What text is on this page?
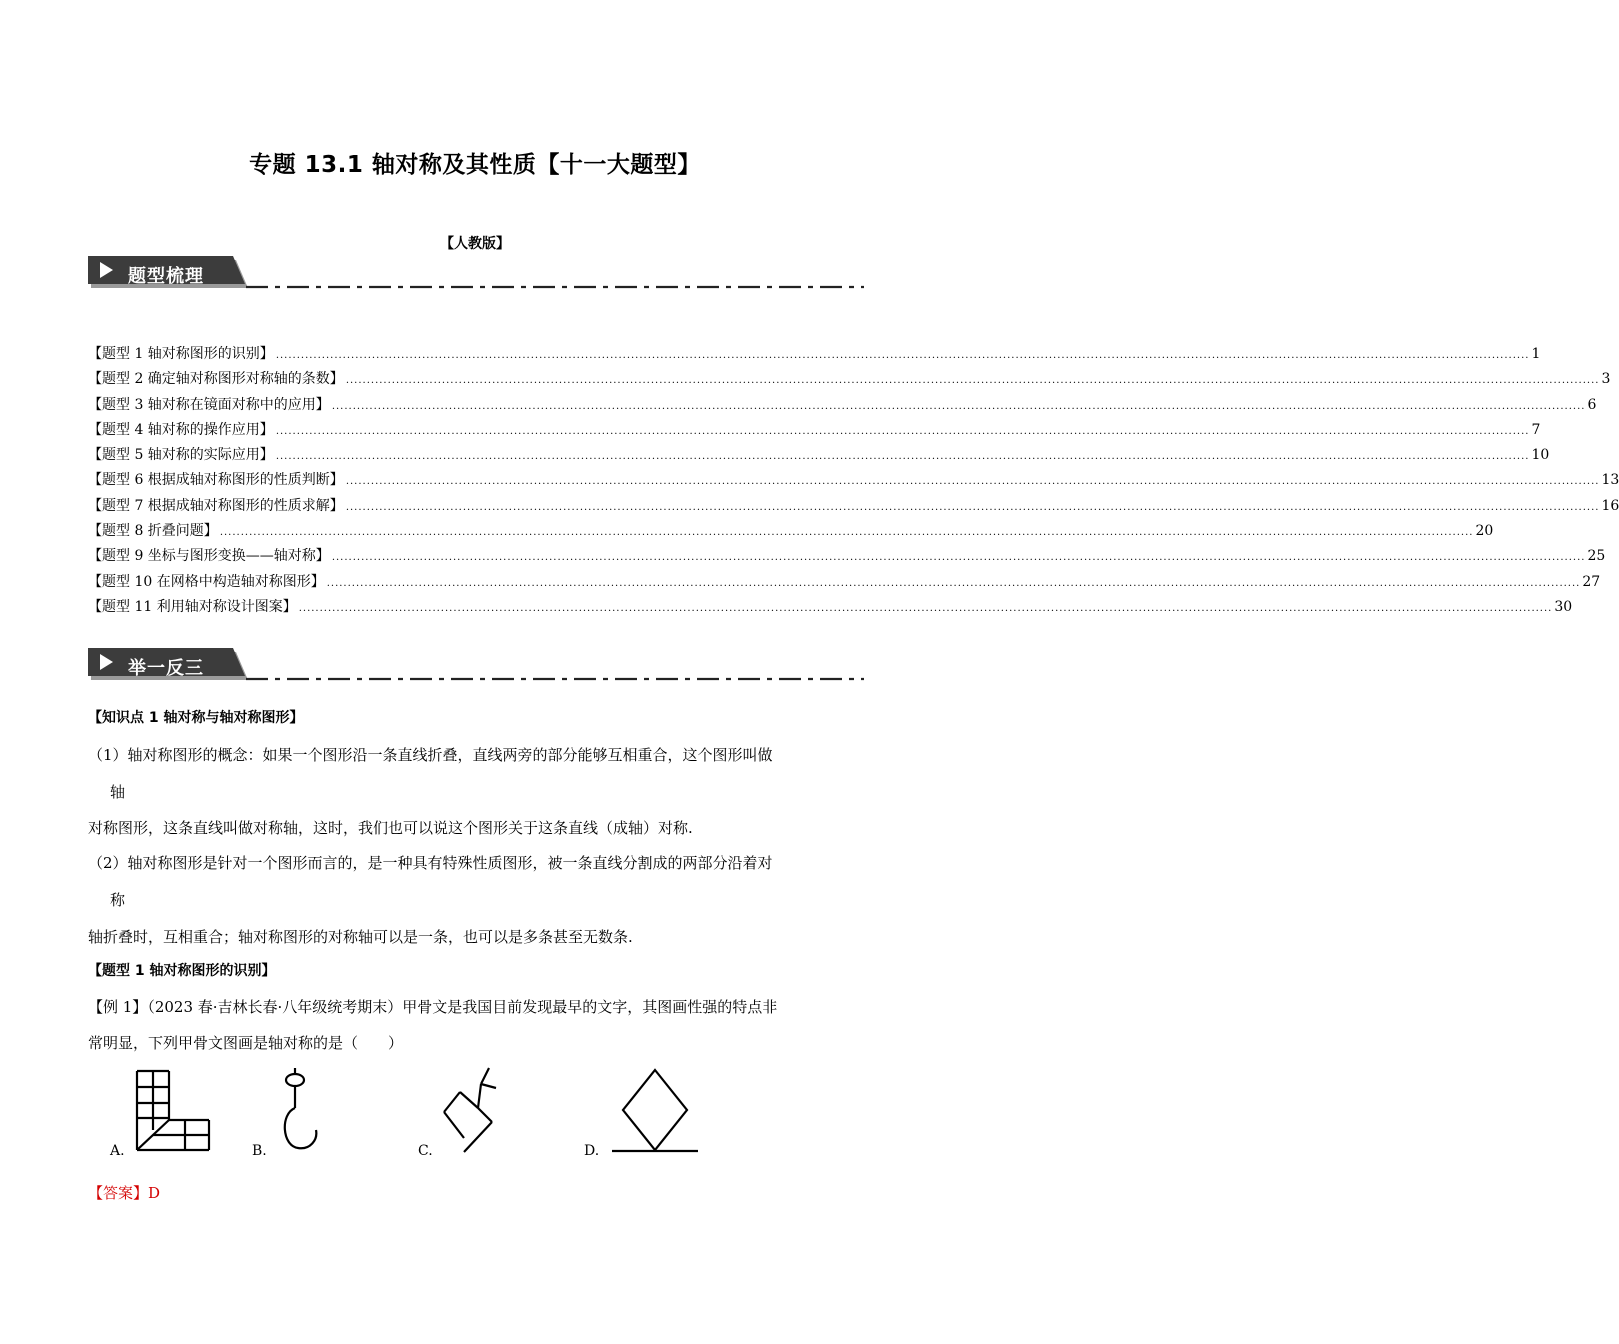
专题 13.1 轴对称及其性质【十一大题型】
【人教版】
题型梳理
【题型 1 轴对称图形的识别】 ............................................................................................................................................................................................................................................................................................................ 1
【题型 2 确定轴对称图形对称轴的条数】 ............................................................................................................................................................................................................................................................................................................ 3
【题型 3 轴对称在镜面对称中的应用】 ............................................................................................................................................................................................................................................................................................................ 6
【题型 4 轴对称的操作应用】 ............................................................................................................................................................................................................................................................................................................ 7
【题型 5 轴对称的实际应用】 ............................................................................................................................................................................................................................................................................................................ 10
【题型 6 根据成轴对称图形的性质判断】 ............................................................................................................................................................................................................................................................................................................ 13
【题型 7 根据成轴对称图形的性质求解】 ............................................................................................................................................................................................................................................................................................................ 16
【题型 8 折叠问题】 ............................................................................................................................................................................................................................................................................................................ 20
【题型 9 坐标与图形变换——轴对称】 ............................................................................................................................................................................................................................................................................................................ 25
【题型 10 在网格中构造轴对称图形】 ............................................................................................................................................................................................................................................................................................................ 27
【题型 11 利用轴对称设计图案】 ............................................................................................................................................................................................................................................................................................................ 30
举一反三
【知识点 1 轴对称与轴对称图形】
（1）轴对称图形的概念：如果一个图形沿一条直线折叠，直线两旁的部分能够互相重合，这个图形叫做
轴
对称图形，这条直线叫做对称轴，这时，我们也可以说这个图形关于这条直线（成轴）对称.
（2）轴对称图形是针对一个图形而言的，是一种具有特殊性质图形，被一条直线分割成的两部分沿着对
称
轴折叠时，互相重合；轴对称图形的对称轴可以是一条，也可以是多条甚至无数条.
【题型 1 轴对称图形的识别】
【例 1】（2023 春·吉林长春·八年级统考期末）甲骨文是我国目前发现最早的文字，其图画性强的特点非
常明显，下列甲骨文图画是轴对称的是（　　）
A.	B.	C.	D.
【答案】D
